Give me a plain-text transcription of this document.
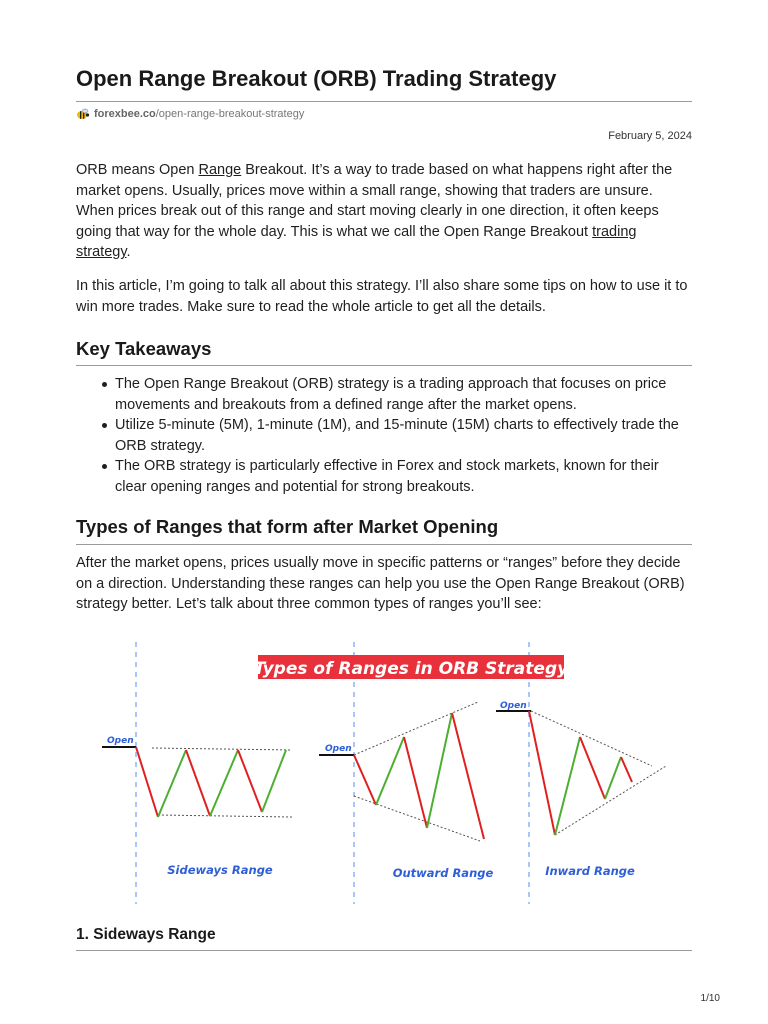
Open Range Breakout (ORB) Trading Strategy
forexbee.co /open-range-breakout-strategy
February 5, 2024

ORB means Open Range Breakout. It’s a way to trade based on what happens right after the market opens. Usually, prices move within a small range, showing that traders are unsure. When prices break out of this range and start moving clearly in one direction, it often keeps going that way for the whole day. This is what we call the Open Range Breakout trading strategy.

In this article, I’m going to talk all about this strategy. I’ll also share some tips on how to use it to win more trades. Make sure to read the whole article to get all the details.

Key Takeaways
The Open Range Breakout (ORB) strategy is a trading approach that focuses on price movements and breakouts from a defined range after the market opens.
Utilize 5-minute (5M), 1-minute (1M), and 15-minute (15M) charts to effectively trade the ORB strategy.
The ORB strategy is particularly effective in Forex and stock markets, known for their clear opening ranges and potential for strong breakouts.
Types of Ranges that form after Market Opening

After the market opens, prices usually move in specific patterns or “ranges” before they decide on a direction. Understanding these ranges can help you use the Open Range Breakout (ORB) strategy better. Let’s talk about three common types of ranges you’ll see:

1. Sideways Range
Types of Ranges in ORB Strategy
Open
Sideways Range
Open
Outward Range
Open
Inward Range
1/10
